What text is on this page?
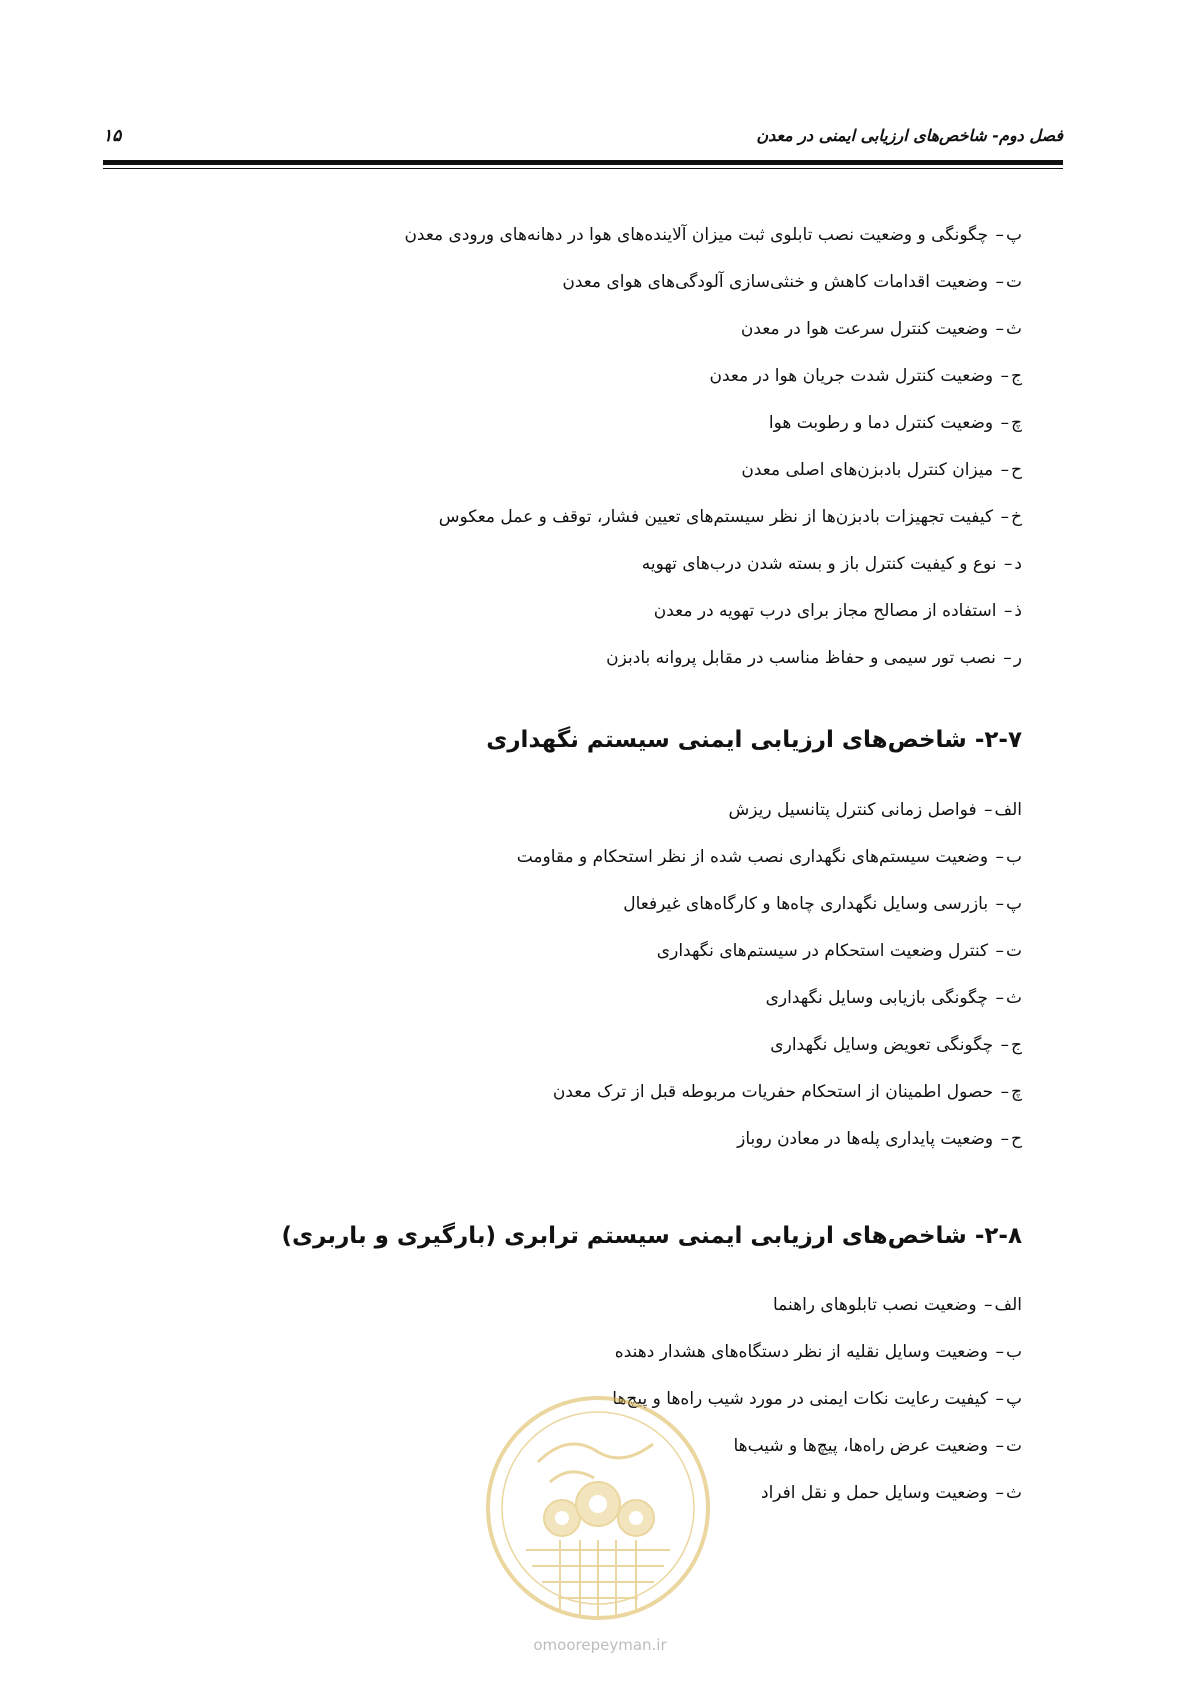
فصل دوم- شاخص‌های ارزیابی ایمنی در معدن
۱۵
پ– چگونگی و وضعیت نصب تابلوی ثبت میزان آلاینده‌های هوا در دهانه‌های ورودی معدن
ت– وضعیت اقدامات کاهش و خنثی‌سازی آلودگی‌های هوای معدن
ث– وضعیت کنترل سرعت هوا در معدن
ج– وضعیت کنترل شدت جریان هوا در معدن
چ– وضعیت کنترل دما و رطوبت هوا
ح– میزان کنترل بادبزن‌های اصلی معدن
خ– کیفیت تجهیزات بادبزن‌ها از نظر سیستم‌های تعیین فشار، توقف و عمل معکوس
د– نوع و کیفیت کنترل باز و بسته شدن درب‌های تهویه
ذ– استفاده از مصالح مجاز برای درب تهویه در معدن
ر– نصب تور سیمی و حفاظ مناسب در مقابل پروانه بادبزن
۲-۷- شاخص‌های ارزیابی ایمنی سیستم نگهداری
الف– فواصل زمانی کنترل پتانسیل ریزش
ب– وضعیت سیستم‌های نگهداری نصب شده از نظر استحکام و مقاومت
پ– بازرسی وسایل نگهداری چاه‌ها و کارگاه‌های غیرفعال
ت– کنترل وضعیت استحکام در سیستم‌های نگهداری
ث– چگونگی بازیابی وسایل نگهداری
ج– چگونگی تعویض وسایل نگهداری
چ– حصول اطمینان از استحکام حفریات مربوطه قبل از ترک معدن
ح– وضعیت پایداری پله‌ها در معادن روباز
۲-۸- شاخص‌های ارزیابی ایمنی سیستم ترابری (بارگیری و باربری)
الف– وضعیت نصب تابلوهای راهنما
ب– وضعیت وسایل نقلیه از نظر دستگاه‌های هشدار دهنده
پ– کیفیت رعایت نکات ایمنی در مورد شیب راه‌ها و پیچ‌ها
ت– وضعیت عرض راه‌ها، پیچ‌ها و شیب‌ها
ث– وضعیت وسایل حمل و نقل افراد
omoorepeyman.ir
